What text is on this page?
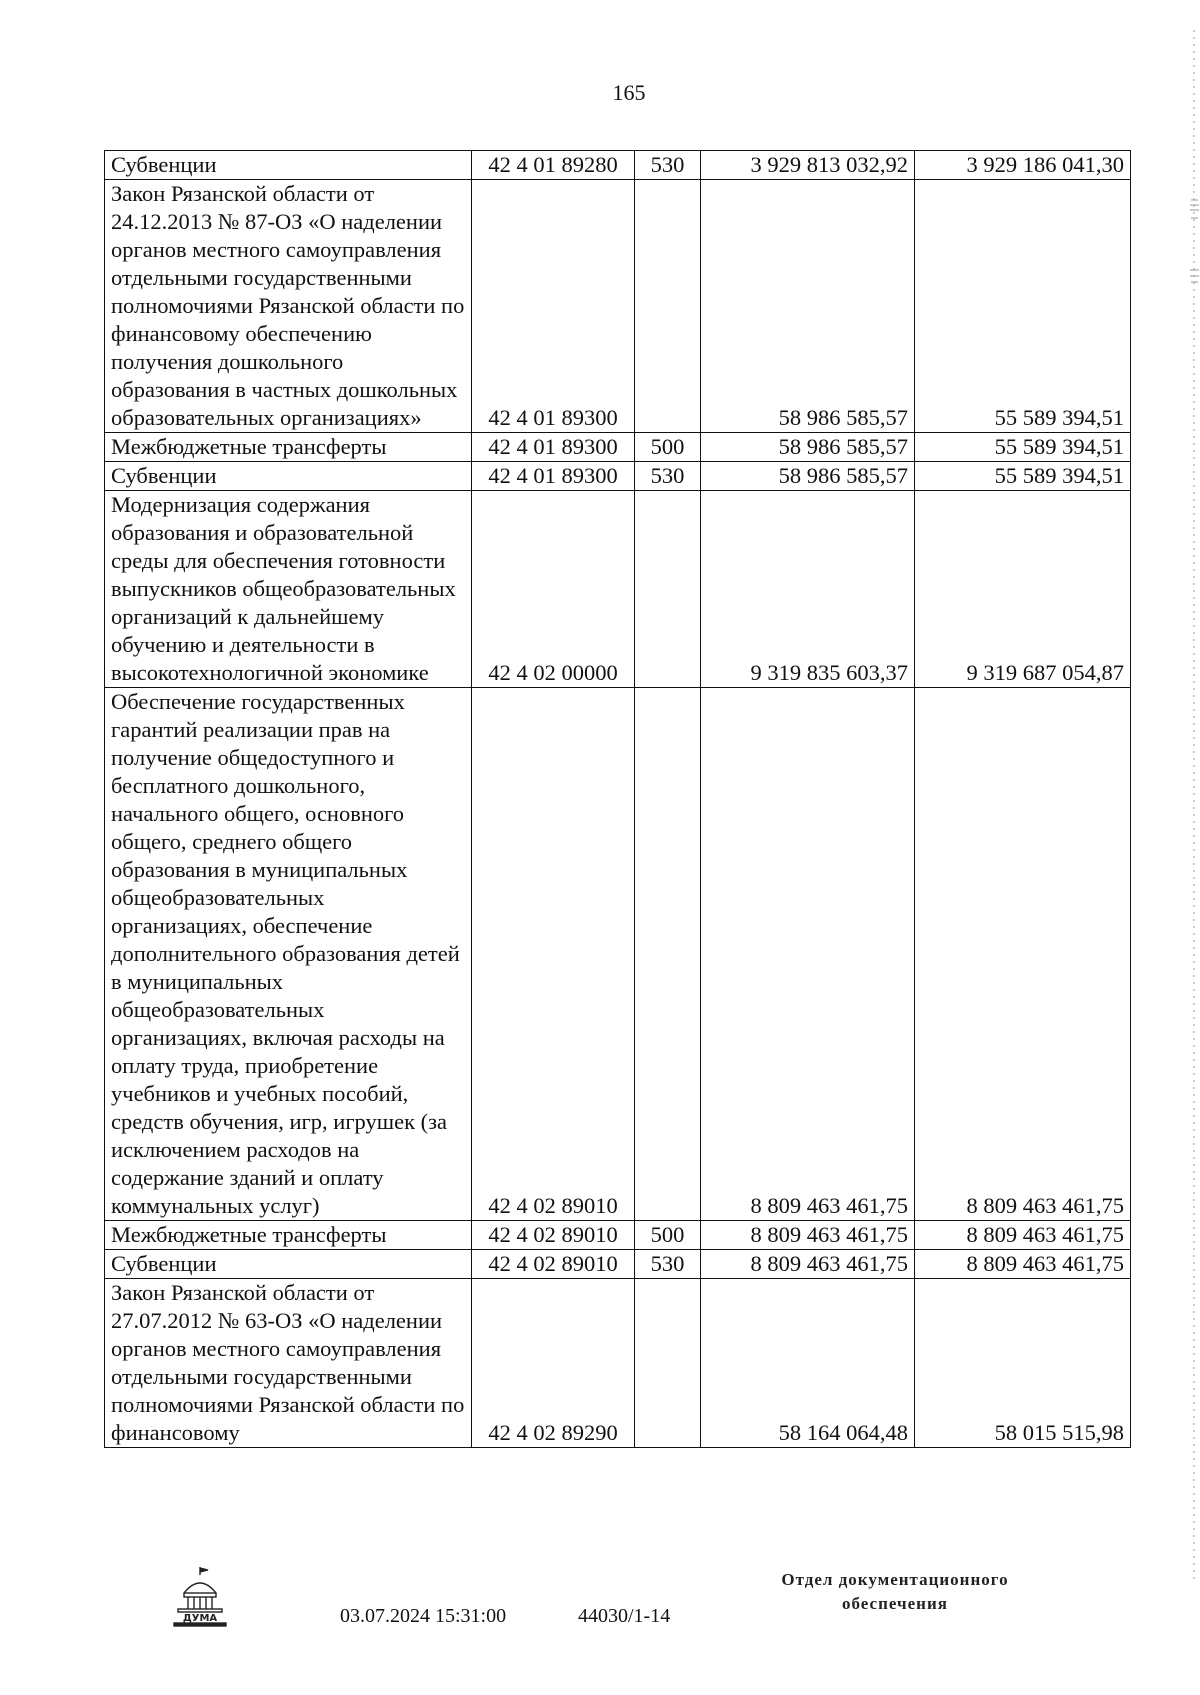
165
Субвенции	42 4 01 89280	530	3 929 813 032,92	3 929 186 041,30
Закон Рязанской области от 24.12.2013 № 87-ОЗ «О наделении органов местного самоуправления отдельными государственными полномочиями Рязанской области по финансовому обеспечению получения дошкольного образования в частных дошкольных образовательных организациях»	42 4 01 89300		58 986 585,57	55 589 394,51
Межбюджетные трансферты	42 4 01 89300	500	58 986 585,57	55 589 394,51
Субвенции	42 4 01 89300	530	58 986 585,57	55 589 394,51
Модернизация содержания образования и образовательной среды для обеспечения готовности выпускников общеобразовательных организаций к дальнейшему обучению и деятельности в высокотехнологичной экономике	42 4 02 00000		9 319 835 603,37	9 319 687 054,87
Обеспечение государственных гарантий реализации прав на получение общедоступного и бесплатного дошкольного, начального общего, основного общего, среднего общего образования в муниципальных общеобразовательных организациях, обеспечение дополнительного образования детей в муниципальных общеобразовательных организациях, включая расходы на оплату труда, приобретение учебников и учебных пособий, средств обучения, игр, игрушек (за исключением расходов на содержание зданий и оплату коммунальных услуг)	42 4 02 89010		8 809 463 461,75	8 809 463 461,75
Межбюджетные трансферты	42 4 02 89010	500	8 809 463 461,75	8 809 463 461,75
Субвенции	42 4 02 89010	530	8 809 463 461,75	8 809 463 461,75
Закон Рязанской области от 27.07.2012 № 63-ОЗ «О наделении органов местного самоуправления отдельными государственными полномочиями Рязанской области по финансовому	42 4 02 89290		58 164 064,48	58 015 515,98
ДУМА	03.07.2024 15:31:00	44030/1-14
Отдел документационного обеспечения
